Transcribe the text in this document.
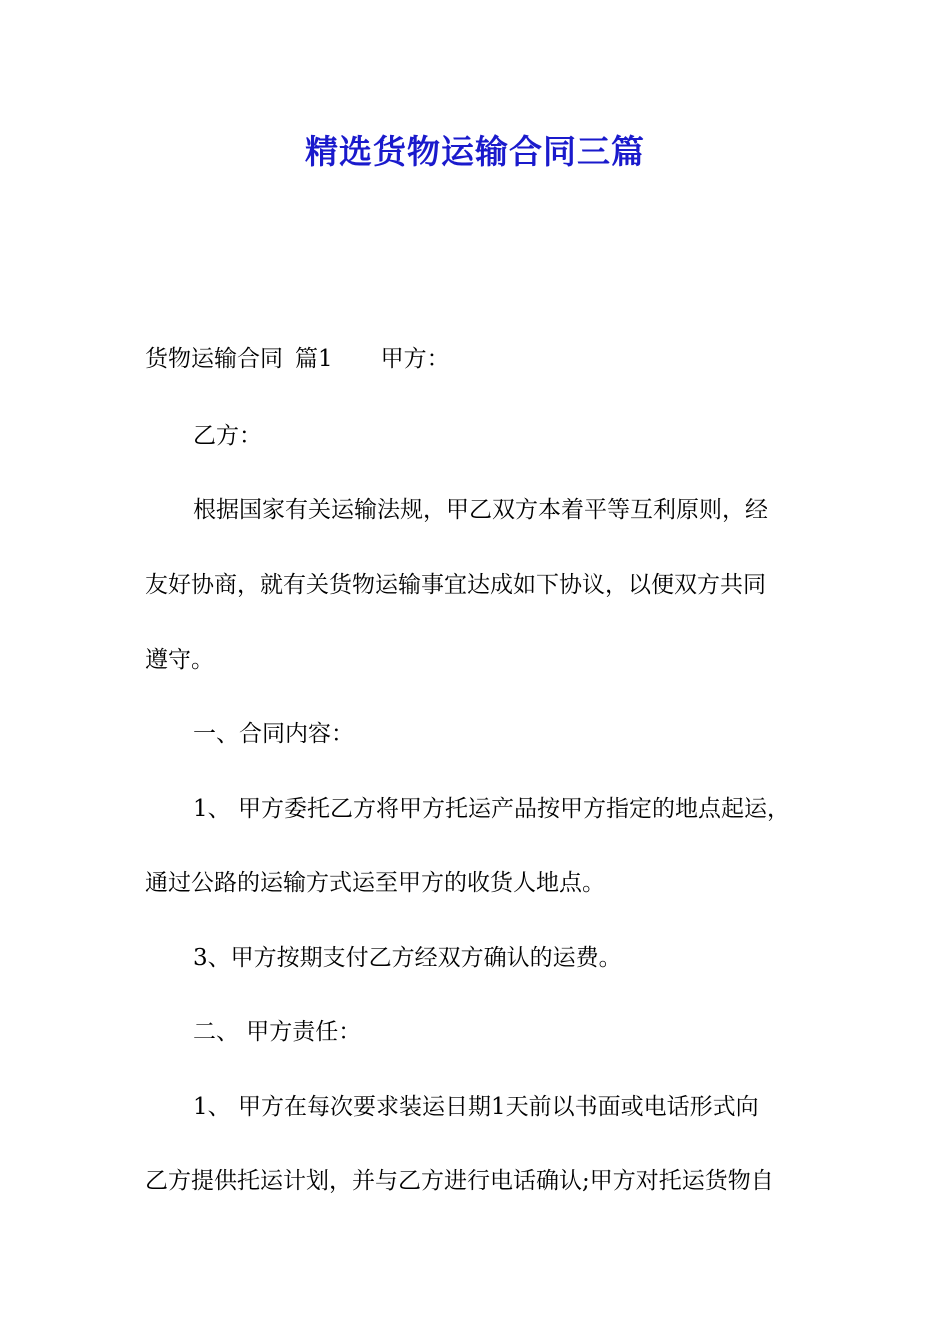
精选货物运输合同三篇

货物运输合同 篇1 甲方：

乙方：

根据国家有关运输法规，甲乙双方本着平等互利原则，经

友好协商，就有关货物运输事宜达成如下协议，以便双方共同

遵守。

一、合同内容：

1、 甲方委托乙方将甲方托运产品按甲方指定的地点起运，

通过公路的运输方式运至甲方的收货人地点。

3、甲方按期支付乙方经双方确认的运费。

二、 甲方责任：

1、 甲方在每次要求装运日期1天前以书面或电话形式向

乙方提供托运计划，并与乙方进行电话确认;甲方对托运货物自
